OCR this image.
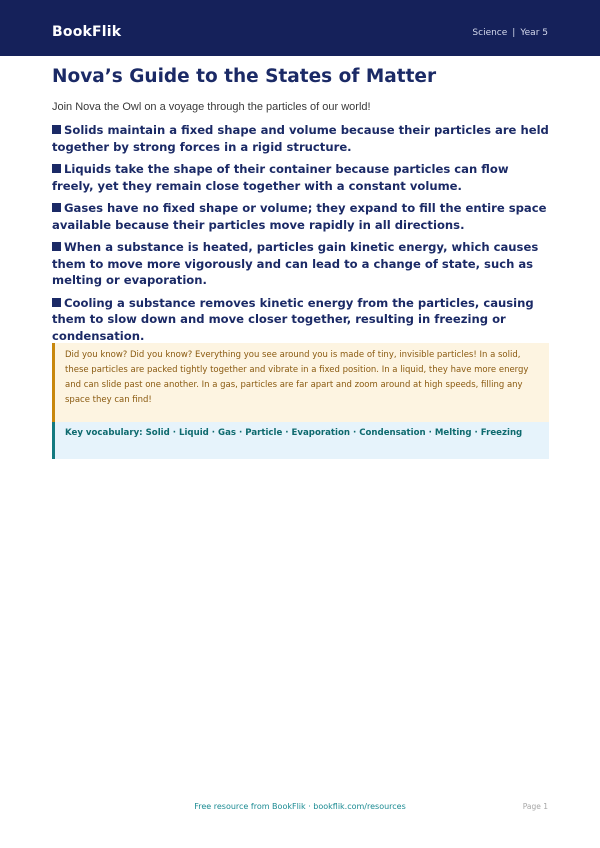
BookFlik	Science | Year 5
Nova’s Guide to the States of Matter

Join Nova the Owl on a voyage through the particles of our world!

Solids maintain a fixed shape and volume because their particles are held together by strong forces in a rigid structure.
Liquids take the shape of their container because particles can flow freely, yet they remain close together with a constant volume.
Gases have no fixed shape or volume; they expand to fill the entire space available because their particles move rapidly in all directions.
When a substance is heated, particles gain kinetic energy, which causes them to move more vigorously and can lead to a change of state, such as melting or evaporation.
Cooling a substance removes kinetic energy from the particles, causing them to slow down and move closer together, resulting in freezing or condensation.

Did you know? Did you know? Everything you see around you is made of tiny, invisible particles! In a solid, these particles are packed tightly together and vibrate in a fixed position. In a liquid, they have more energy and can slide past one another. In a gas, particles are far apart and zoom around at high speeds, filling any space they can find!

Key vocabulary: Solid · Liquid · Gas · Particle · Evaporation · Condensation · Melting · Freezing

Free resource from BookFlik · bookflik.com/resources	Page 1
